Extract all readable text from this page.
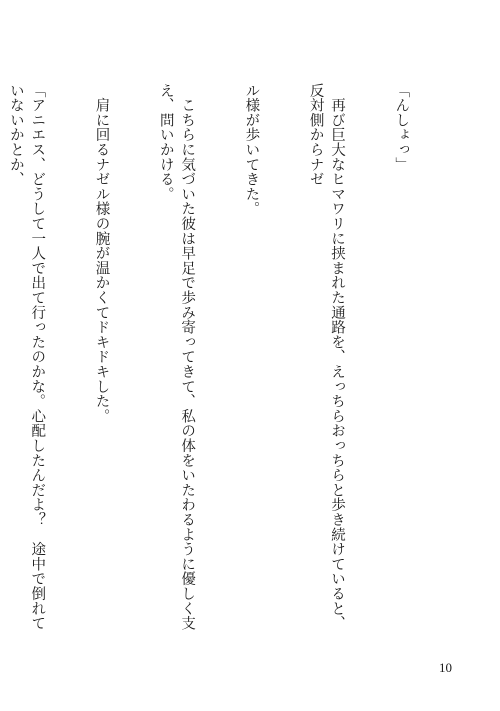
「んしょっ」

　再び巨大なヒマワリに挟まれた通路を、えっちらおっちらと歩き続けていると、反対側からナゼ

ル様が歩いてきた。

　こちらに気づいた彼は早足で歩み寄ってきて、私の体をいたわるように優しく支え、問いかける。

　肩に回るナゼル様の腕が温かくてドキドキした。

「アニエス、どうして一人で出て行ったのかな。心配したんだよ？　途中で倒れていないかとか、

10
